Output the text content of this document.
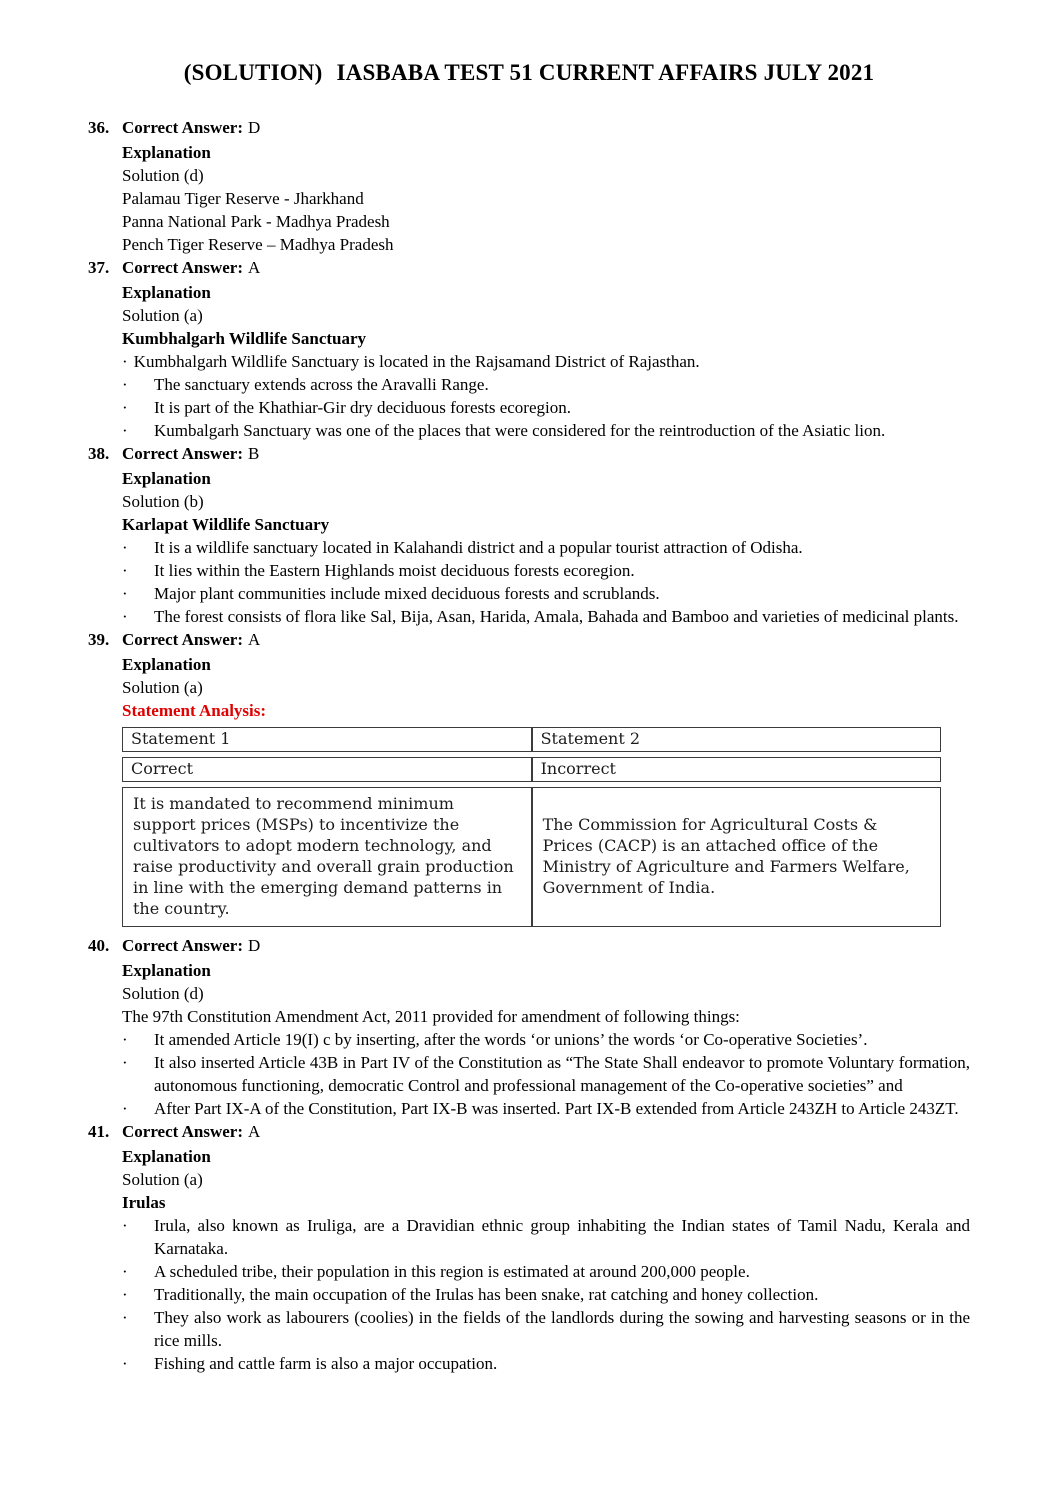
(SOLUTION) IASBABA TEST 51 CURRENT AFFAIRS JULY 2021
36. Correct Answer: D
Explanation
Solution (d)
Palamau Tiger Reserve - Jharkhand
Panna National Park - Madhya Pradesh
Pench Tiger Reserve – Madhya Pradesh
37. Correct Answer: A
Explanation
Solution (a)
Kumbhalgarh Wildlife Sanctuary
· Kumbhalgarh Wildlife Sanctuary is located in the Rajsamand District of Rajasthan.
·	The sanctuary extends across the Aravalli Range.
·	It is part of the Khathiar-Gir dry deciduous forests ecoregion.
·	Kumbalgarh Sanctuary was one of the places that were considered for the reintroduction of the Asiatic lion.
38. Correct Answer: B
Explanation
Solution (b)
Karlapat Wildlife Sanctuary
·	It is a wildlife sanctuary located in Kalahandi district and a popular tourist attraction of Odisha.
·	It lies within the Eastern Highlands moist deciduous forests ecoregion.
·	Major plant communities include mixed deciduous forests and scrublands.
·	The forest consists of flora like Sal, Bija, Asan, Harida, Amala, Bahada and Bamboo and varieties of medicinal plants.
39. Correct Answer: A
Explanation
Solution (a)
Statement Analysis:
Statement 1	Statement 2
Correct	Incorrect
It is mandated to recommend minimum support prices (MSPs) to incentivize the cultivators to adopt modern technology, and raise productivity and overall grain production in line with the emerging demand patterns in the country.	The Commission for Agricultural Costs & Prices (CACP) is an attached office of the Ministry of Agriculture and Farmers Welfare, Government of India.
40. Correct Answer: D
Explanation
Solution (d)
The 97th Constitution Amendment Act, 2011 provided for amendment of following things:
·	It amended Article 19(I) c by inserting, after the words ‘or unions’ the words ‘or Co-operative Societies’.
·	It also inserted Article 43B in Part IV of the Constitution as “The State Shall endeavor to promote Voluntary formation, autonomous functioning, democratic Control and professional management of the Co-operative societies” and
·	After Part IX-A of the Constitution, Part IX-B was inserted. Part IX-B extended from Article 243ZH to Article 243ZT.
41. Correct Answer: A
Explanation
Solution (a)
Irulas
·	Irula, also known as Iruliga, are a Dravidian ethnic group inhabiting the Indian states of Tamil Nadu, Kerala and Karnataka.
·	A scheduled tribe, their population in this region is estimated at around 200,000 people.
·	Traditionally, the main occupation of the Irulas has been snake, rat catching and honey collection.
·	They also work as labourers (coolies) in the fields of the landlords during the sowing and harvesting seasons or in the rice mills.
·	Fishing and cattle farm is also a major occupation.
